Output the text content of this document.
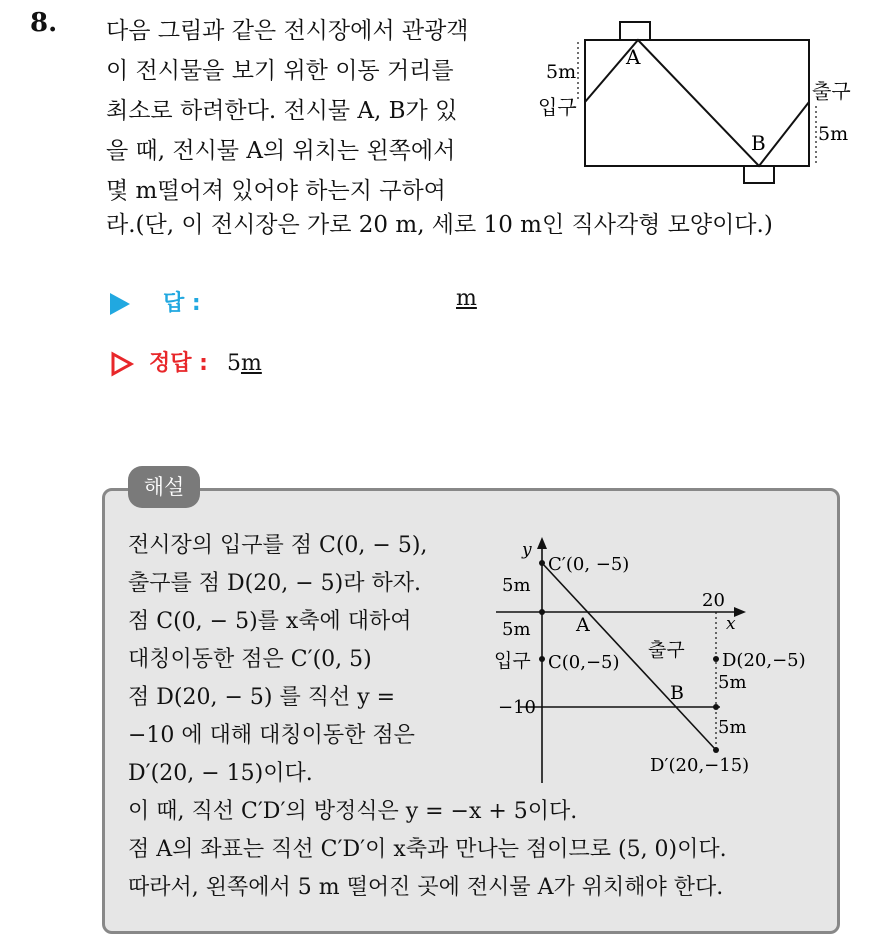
8. 다음 그림과 같은 전시장에서 관광객
이 전시물을 보기 위한 이동 거리를
최소로 하려한다. 전시물 A, B가 있
을 때, 전시물 A의 위치는 왼쪽에서
몇 m떨어져 있어야 하는지 구하여
라.(단, 이 전시장은 가로 20 m, 세로 10 m인 직사각형 모양이다.)
A
B
5m
입구
출구
5m
답 :	m
정답 : 5m
해설
전시장의 입구를 점 C(0, − 5),
출구를 점 D(20, − 5)라 하자.
점 C(0, − 5)를 x축에 대하여
대칭이동한 점은 C′(0, 5)
점 D(20, − 5) 를 직선 y =
−10 에 대해 대칭이동한 점은
D′(20, − 15)이다.
이 때, 직선 C′D′의 방정식은 y = −x + 5이다.
점 A의 좌표는 직선 C′D′이 x축과 만나는 점이므로 (5, 0)이다.
따라서, 왼쪽에서 5 m 떨어진 곳에 전시물 A가 위치해야 한다.
y
C′(0, −5)
20
x
5m
5m A
출구
입구 C(0,−5)	D(20,−5)
5m
−10
B
5m
D′(20,−15)
